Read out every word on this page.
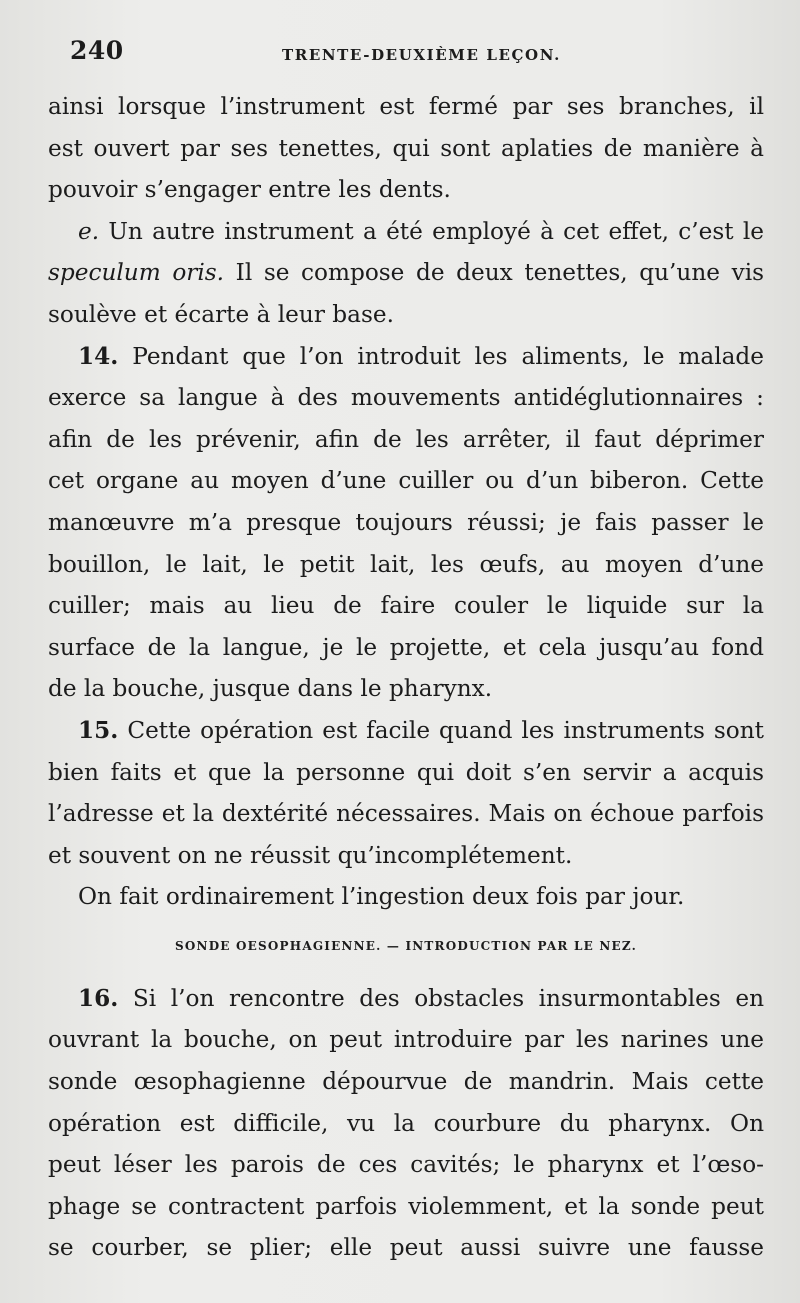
240	TRENTE-DEUXIÈME LEÇON.
ainsi lorsque l’instrument est fermé par ses branches, il
est ouvert par ses tenettes, qui sont aplaties de manière à
pouvoir s’engager entre les dents.
e. Un autre instrument a été employé à cet effet, c’est le
speculum oris. Il se compose de deux tenettes, qu’une vis
soulève et écarte à leur base.
14. Pendant que l’on introduit les aliments, le malade
exerce sa langue à des mouvements antidéglutionnaires :
afin de les prévenir, afin de les arrêter, il faut déprimer
cet organe au moyen d’une cuiller ou d’un biberon. Cette
manœuvre m’a presque toujours réussi; je fais passer le
bouillon, le lait, le petit lait, les œufs, au moyen d’une
cuiller; mais au lieu de faire couler le liquide sur la
surface de la langue, je le projette, et cela jusqu’au fond
de la bouche, jusque dans le pharynx.
15. Cette opération est facile quand les instruments sont
bien faits et que la personne qui doit s’en servir a acquis
l’adresse et la dextérité nécessaires. Mais on échoue parfois
et souvent on ne réussit qu’incomplétement.
On fait ordinairement l’ingestion deux fois par jour.
SONDE OESOPHAGIENNE. — INTRODUCTION PAR LE NEZ.
16. Si l’on rencontre des obstacles insurmontables en
ouvrant la bouche, on peut introduire par les narines une
sonde œsophagienne dépourvue de mandrin. Mais cette
opération est difficile, vu la courbure du pharynx. On
peut léser les parois de ces cavités; le pharynx et l’œso-
phage se contractent parfois violemment, et la sonde peut
se courber, se plier; elle peut aussi suivre une fausse
